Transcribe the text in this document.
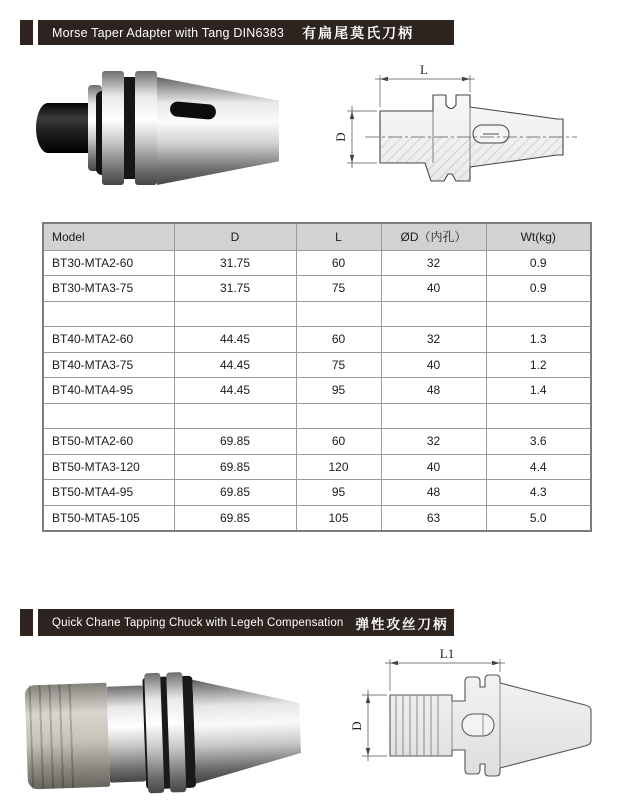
Morse Taper Adapter with Tang DIN6383 有扁尾莫氏刀柄
L
D
Model	D	L	ØD（内孔）	Wt(kg)
BT30-MTA2-60	31.75	60	32	0.9
BT30-MTA3-75	31.75	75	40	0.9

BT40-MTA2-60	44.45	60	32	1.3
BT40-MTA3-75	44.45	75	40	1.2
BT40-MTA4-95	44.45	95	48	1.4

BT50-MTA2-60	69.85	60	32	3.6
BT50-MTA3-120	69.85	120	40	4.4
BT50-MTA4-95	69.85	95	48	4.3
BT50-MTA5-105	69.85	105	63	5.0
Quick Chane Tapping Chuck with Legeh Compensation 弹性攻丝刀柄
L1
D
